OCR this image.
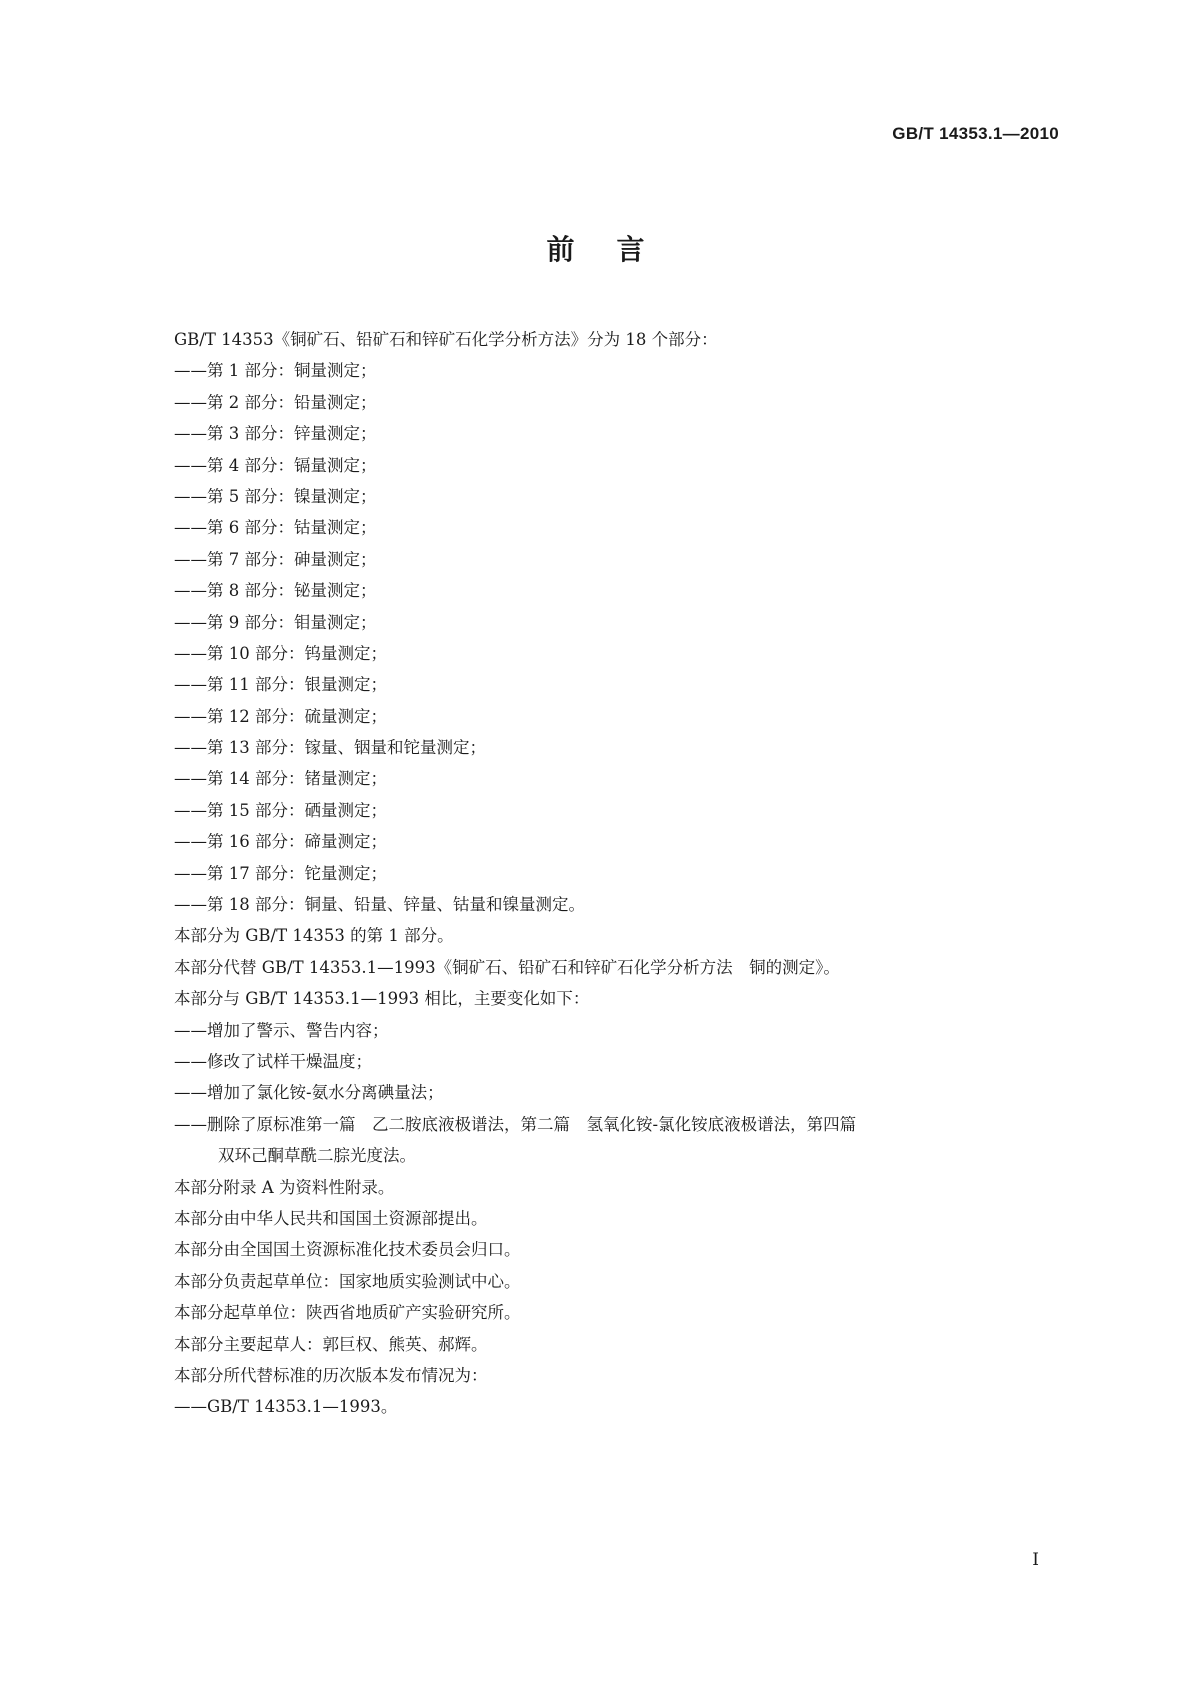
GB/T 14353.1—2010
前言
GB/T 14353《铜矿石、铅矿石和锌矿石化学分析方法》分为 18 个部分：
——第 1 部分：铜量测定；
——第 2 部分：铅量测定；
——第 3 部分：锌量测定；
——第 4 部分：镉量测定；
——第 5 部分：镍量测定；
——第 6 部分：钴量测定；
——第 7 部分：砷量测定；
——第 8 部分：铋量测定；
——第 9 部分：钼量测定；
——第 10 部分：钨量测定；
——第 11 部分：银量测定；
——第 12 部分：硫量测定；
——第 13 部分：镓量、铟量和铊量测定；
——第 14 部分：锗量测定；
——第 15 部分：硒量测定；
——第 16 部分：碲量测定；
——第 17 部分：铊量测定；
——第 18 部分：铜量、铅量、锌量、钴量和镍量测定。
本部分为 GB/T 14353 的第 1 部分。
本部分代替 GB/T 14353.1—1993《铜矿石、铅矿石和锌矿石化学分析方法　铜的测定》。
本部分与 GB/T 14353.1—1993 相比，主要变化如下：
——增加了警示、警告内容；
——修改了试样干燥温度；
——增加了氯化铵-氨水分离碘量法；
——删除了原标准第一篇　乙二胺底液极谱法，第二篇　氢氧化铵-氯化铵底液极谱法，第四篇
双环己酮草酰二腙光度法。
本部分附录 A 为资料性附录。
本部分由中华人民共和国国土资源部提出。
本部分由全国国土资源标准化技术委员会归口。
本部分负责起草单位：国家地质实验测试中心。
本部分起草单位：陕西省地质矿产实验研究所。
本部分主要起草人：郭巨权、熊英、郝辉。
本部分所代替标准的历次版本发布情况为：
——GB/T 14353.1—1993。
I
